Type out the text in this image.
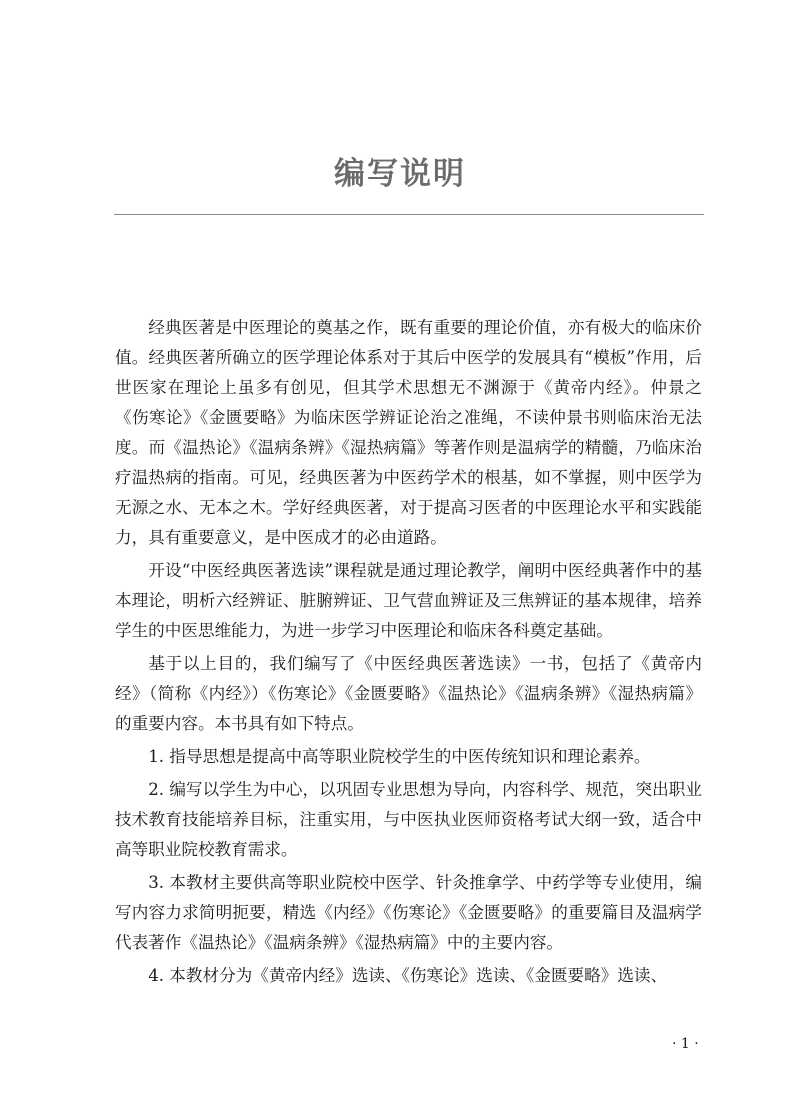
编写说明

经典医著是中医理论的奠基之作，既有重要的理论价值，亦有极大的临床价值。经典医著所确立的医学理论体系对于其后中医学的发展具有“模板”作用，后世医家在理论上虽多有创见，但其学术思想无不渊源于《黄帝内经》。仲景之《伤寒论》《金匮要略》为临床医学辨证论治之准绳，不读仲景书则临床治无法度。而《温热论》《温病条辨》《湿热病篇》等著作则是温病学的精髓，乃临床治疗温热病的指南。可见，经典医著为中医药学术的根基，如不掌握，则中医学为无源之水、无本之木。学好经典医著，对于提高习医者的中医理论水平和实践能力，具有重要意义，是中医成才的必由道路。

开设“中医经典医著选读”课程就是通过理论教学，阐明中医经典著作中的基本理论，明析六经辨证、脏腑辨证、卫气营血辨证及三焦辨证的基本规律，培养学生的中医思维能力，为进一步学习中医理论和临床各科奠定基础。

基于以上目的，我们编写了《中医经典医著选读》一书，包括了《黄帝内经》（简称《内经》）《伤寒论》《金匮要略》《温热论》《温病条辨》《湿热病篇》的重要内容。本书具有如下特点。

1. 指导思想是提高中高等职业院校学生的中医传统知识和理论素养。

2. 编写以学生为中心，以巩固专业思想为导向，内容科学、规范，突出职业技术教育技能培养目标，注重实用，与中医执业医师资格考试大纲一致，适合中高等职业院校教育需求。

3. 本教材主要供高等职业院校中医学、针灸推拿学、中药学等专业使用，编写内容力求简明扼要，精选《内经》《伤寒论》《金匮要略》的重要篇目及温病学代表著作《温热论》《温病条辨》《湿热病篇》中的主要内容。

4. 本教材分为《黄帝内经》选读、《伤寒论》选读、《金匮要略》选读、

· 1 ·
